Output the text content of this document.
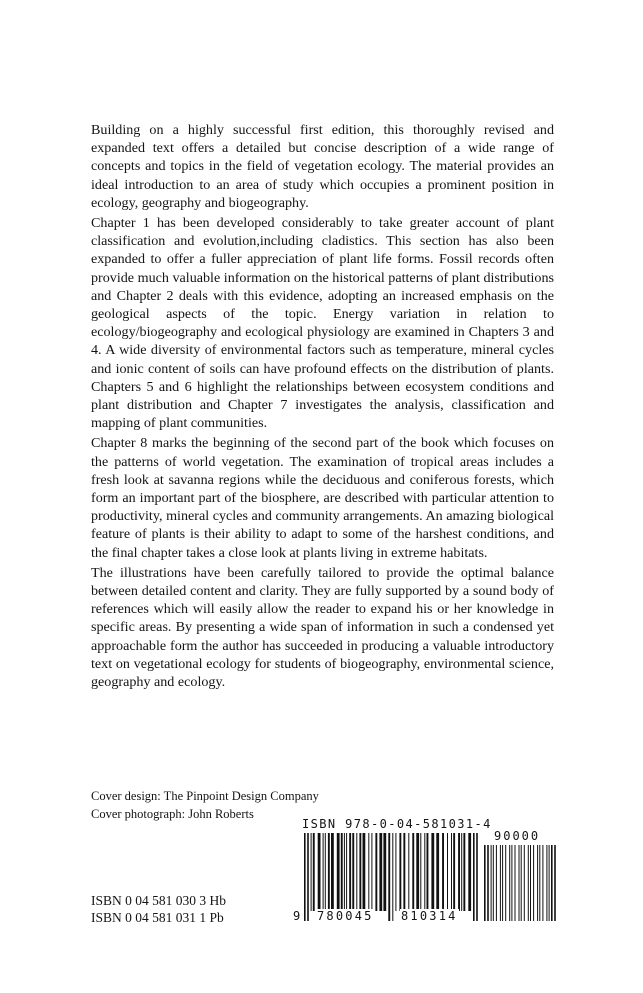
Building on a highly successful first edition, this thoroughly revised and expanded text offers a detailed but concise description of a wide range of concepts and topics in the field of vegetation ecology. The material provides an ideal introduction to an area of study which occupies a prominent position in ecology, geography and biogeography.

Chapter 1 has been developed considerably to take greater account of plant classification and evolution,including cladistics. This section has also been expanded to offer a fuller appreciation of plant life forms. Fossil records often provide much valuable information on the historical patterns of plant distributions and Chapter 2 deals with this evidence, adopting an increased emphasis on the geological aspects of the topic. Energy variation in relation to ecology/biogeography and ecological physiology are examined in Chapters 3 and 4. A wide diversity of environmental factors such as temperature, mineral cycles and ionic content of soils can have profound effects on the distribution of plants. Chapters 5 and 6 highlight the relationships between ecosystem conditions and plant distribution and Chapter 7 investigates the analysis, classification and mapping of plant communities.

Chapter 8 marks the beginning of the second part of the book which focuses on the patterns of world vegetation. The examination of tropical areas includes a fresh look at savanna regions while the deciduous and coniferous forests, which form an important part of the biosphere, are described with particular attention to productivity, mineral cycles and community arrangements. An amazing biological feature of plants is their ability to adapt to some of the harshest conditions, and the final chapter takes a close look at plants living in extreme habitats.

The illustrations have been carefully tailored to provide the optimal balance between detailed content and clarity. They are fully supported by a sound body of references which will easily allow the reader to expand his or her knowledge in specific areas. By presenting a wide span of information in such a condensed yet approachable form the author has succeeded in producing a valuable introductory text on vegetational ecology for students of biogeography, environmental science, geography and ecology.

Cover design: The Pinpoint Design Company
Cover photograph: John Roberts
ISBN 0 04 581 030 3 Hb
ISBN 0 04 581 031 1 Pb
ISBN 978-0-04-581031-4
90000
9 780045 810314
